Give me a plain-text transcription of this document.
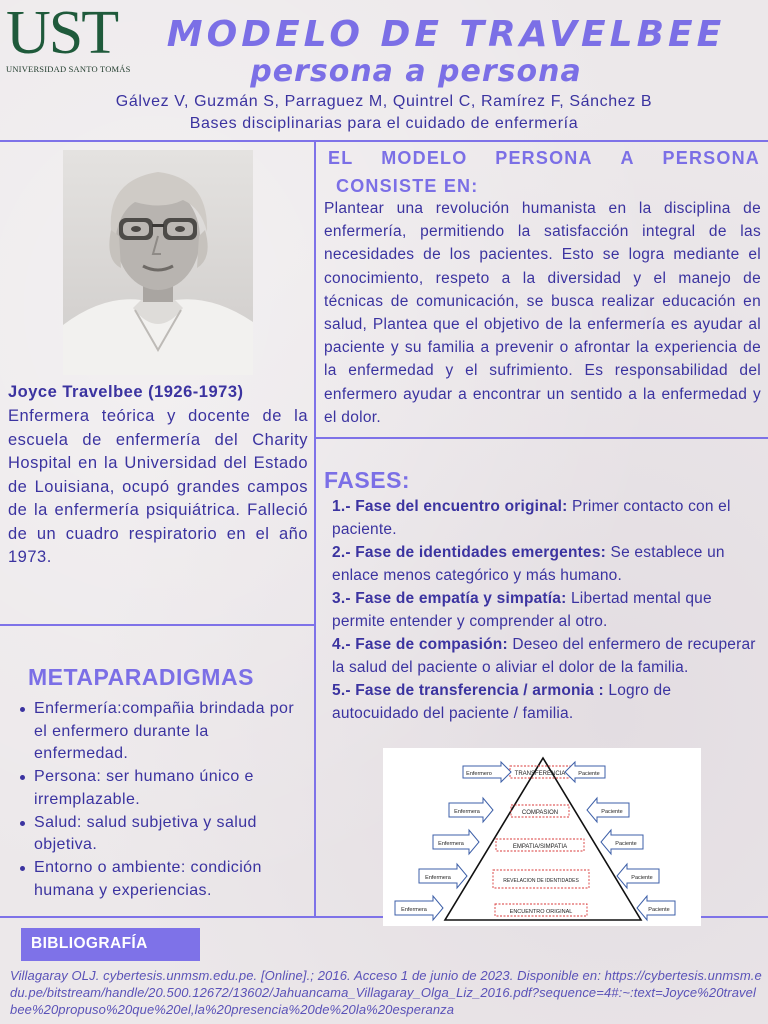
UST
UNIVERSIDAD SANTO TOMÁS
MODELO DE TRAVELBEE
persona a persona
Gálvez V, Guzmán S, Parraguez M, Quintrel C, Ramírez F, Sánchez B
Bases disciplinarias para el cuidado de enfermería
Joyce Travelbee (1926-1973)
Enfermera teórica y docente de la escuela de enfermería del Charity Hospital en la Universidad del Estado de Louisiana, ocupó grandes campos de la enfermería psiquiátrica. Falleció de un cuadro respiratorio en el año 1973.
EL MODELO PERSONA A PERSONA
CONSISTE EN:
Plantear una revolución humanista en la disciplina de enfermería, permitiendo la satisfacción integral de las necesidades de los pacientes. Esto se logra mediante el conocimiento, respeto a la diversidad y el manejo de técnicas de comunicación, se busca realizar educación en salud, Plantea que el objetivo de la enfermería es ayudar al paciente y su familia a prevenir o afrontar la experiencia de la enfermedad y el sufrimiento. Es responsabilidad del enfermero ayudar a encontrar un sentido a la enfermedad y el dolor.
FASES:

1.- Fase del encuentro original: Primer contacto con el paciente.

2.- Fase de identidades emergentes: Se establece un enlace menos categórico y más humano.

3.- Fase de empatía y simpatía: Libertad mental que permite entender y comprender al otro.

4.- Fase de compasión: Deseo del enfermero de recuperar la salud del paciente o aliviar el dolor de la familia.

5.- Fase de transferencia / armonia : Logro de autocuidado del paciente / familia.

TRANSFERENCIA
COMPASION
EMPATIA/SIMPATIA
REVELACION DE IDENTIDADES
ENCUENTRO ORIGINAL
Enfermero
Enfermera
Enfermera
Enfermera
Enfermera
Paciente
Paciente
Paciente
Paciente
Paciente
METAPARADIGMAS
Enfermería:compañia brindada por el enfermero durante la enfermedad.
Persona: ser humano único e irremplazable.
Salud: salud subjetiva y salud objetiva.
Entorno o ambiente: condición humana y experiencias.
BIBLIOGRAFÍA
Villagaray OLJ. cybertesis.unmsm.edu.pe. [Online].; 2016. Acceso 1 de junio de 2023. Disponible en: https://cybertesis.unmsm.edu.pe/bitstream/handle/20.500.12672/13602/Jahuancama_Villagaray_Olga_Liz_2016.pdf?sequence=4#:~:text=Joyce%20travelbee%20propuso%20que%20el,la%20presencia%20de%20la%20esperanza
